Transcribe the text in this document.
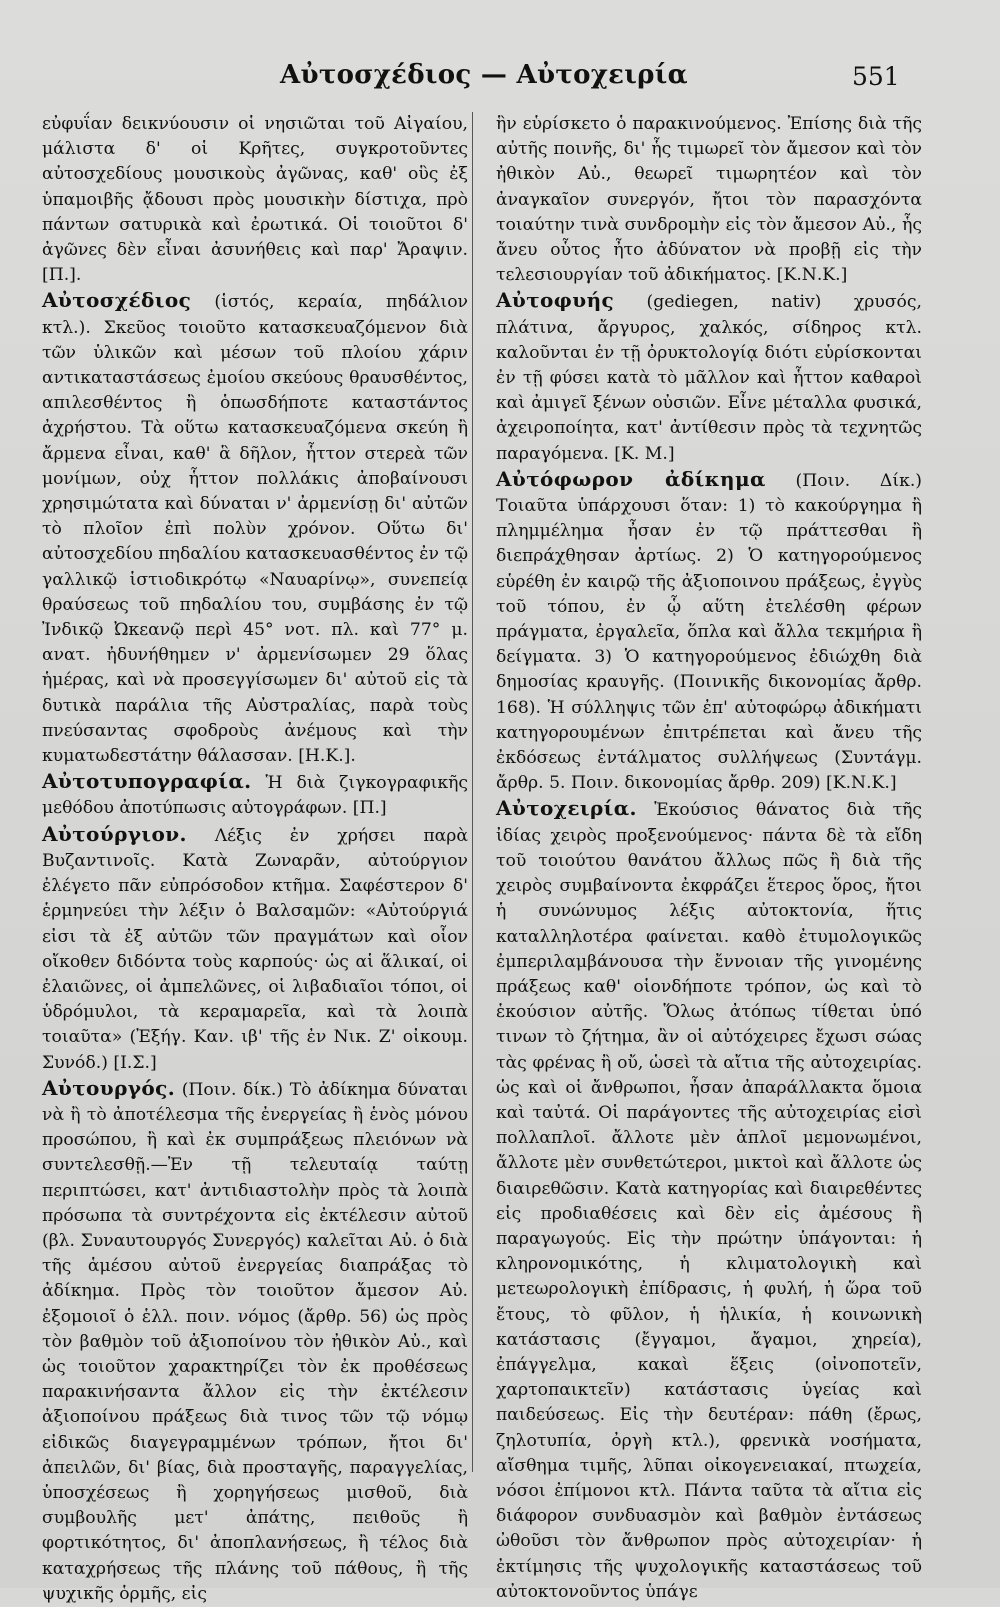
Αὐτοσχέδιος — Αὐτοχειρία	551

εὐφυΐαν δεικνύουσιν οἱ νησιῶται τοῦ Αἰγαίου, μάλιστα δ' οἱ Κρῆτες, συγκροτοῦντες αὐτοσχεδίους μουσικοὺς ἀγῶνας, καθ' οὓς ἐξ ὑπαμοιβῆς ᾄδουσι πρὸς μουσικὴν δίστιχα, πρὸ πάντων σατυρικὰ καὶ ἐρωτικά. Οἱ τοιοῦτοι δ' ἀγῶνες δὲν εἶναι ἀσυνήθεις καὶ παρ' Ἄραψιν. [Π.].

Αὐτοσχέδιος (ἱστός, κεραία, πηδάλιον κτλ.). Σκεῦος τοιοῦτο κατασκευαζόμενον διὰ τῶν ὑλικῶν καὶ μέσων τοῦ πλοίου χάριν αντικαταστάσεως ἐμοίου σκεύους θραυσθέντος, απιλεσθέντος ἢ ὁπωσδήποτε καταστάντος ἀχρήστου. Τὰ οὕτω κατασκευαζόμενα σκεύη ἢ ἄρμενα εἶναι, καθ' ἃ δῆλον, ἧττον στερεὰ τῶν μονίμων, οὐχ ἧττον πολλάκις ἀποβαίνουσι χρησιμώτατα καὶ δύναται ν' ἀρμενίσῃ δι' αὐτῶν τὸ πλοῖον ἐπὶ πολὺν χρόνον. Οὕτω δι' αὐτοσχεδίου πηδαλίου κατασκευασθέντος ἐν τῷ γαλλικῷ ἱστιοδικρότῳ «Ναυαρίνῳ», συνεπείᾳ θραύσεως τοῦ πηδαλίου του, συμβάσης ἐν τῷ Ἰνδικῷ Ὠκεανῷ περὶ 45° νοτ. πλ. καὶ 77° μ. ανατ. ἠδυνήθημεν ν' ἀρμενίσωμεν 29 ὅλας ἡμέρας, καὶ νὰ προσεγγίσωμεν δι' αὐτοῦ εἰς τὰ δυτικὰ παράλια τῆς Αὐστραλίας, παρὰ τοὺς πνεύσαντας σφοδροὺς ἀνέμους καὶ τὴν κυματωδεστάτην θάλασσαν. [Η.Κ.].

Αὐτοτυπογραφία. Ἡ διὰ ζιγκογραφικῆς μεθόδου ἀποτύπωσις αὐτογράφων. [Π.]

Αὐτούργιον. Λέξις ἐν χρήσει παρὰ Βυζαντινοῖς. Κατὰ Ζωναρᾶν, αὐτούργιον ἐλέγετο πᾶν εὐπρόσοδον κτῆμα. Σαφέστερον δ' ἑρμηνεύει τὴν λέξιν ὁ Βαλσαμῶν: «Αὐτούργιά εἰσι τὰ ἐξ αὐτῶν τῶν πραγμάτων καὶ οἷον οἴκοθεν διδόντα τοὺς καρπούς· ὡς αἱ ἅλικαί, οἱ ἐλαιῶνες, οἱ ἀμπελῶνες, οἱ λιβαδιαῖοι τόποι, οἱ ὑδρόμυλοι, τὰ κεραμαρεῖα, καὶ τὰ λοιπὰ τοιαῦτα» (Ἐξήγ. Καν. ιβ' τῆς ἐν Νικ. Ζ' οἰκουμ. Συνόδ.) [Ι.Σ.]

Αὐτουργός. (Ποιν. δίκ.) Τὸ ἀδίκημα δύναται νὰ ἢ τὸ ἀποτέλεσμα τῆς ἐνεργείας ἢ ἑνὸς μόνου προσώπου, ἢ καὶ ἐκ συμπράξεως πλειόνων νὰ συντελεσθῇ.—Ἐν τῇ τελευταίᾳ ταύτῃ περιπτώσει, κατ' ἀντιδιαστολὴν πρὸς τὰ λοιπὰ πρόσωπα τὰ συντρέχοντα εἰς ἐκτέλεσιν αὐτοῦ (βλ. Συναυτουργός Συνεργός) καλεῖται Αὐ. ὁ διὰ τῆς ἁμέσου αὐτοῦ ἐνεργείας διαπράξας τὸ ἀδίκημα. Πρὸς τὸν τοιοῦτον ἄμεσον Αὐ. ἐξομοιοῖ ὁ ἑλλ. ποιν. νόμος (ἄρθρ. 56) ὡς πρὸς τὸν βαθμὸν τοῦ ἀξιοποίνου τὸν ἠθικὸν Αὐ., καὶ ὡς τοιοῦτον χαρακτηρίζει τὸν ἐκ προθέσεως παρακινήσαντα ἄλλον εἰς τὴν ἐκτέλεσιν ἀξιοποίνου πράξεως διὰ τινος τῶν τῷ νόμῳ εἰδικῶς διαγεγραμμένων τρόπων, ἤτοι δι' ἀπειλῶν, δι' βίας, διὰ προσταγῆς, παραγγελίας, ὑποσχέσεως ἢ χορηγήσεως μισθοῦ, διὰ συμβουλῆς μετ' ἀπάτης, πειθοῦς ἢ φορτικότητος, δι' ἀποπλανήσεως, ἢ τέλος διὰ καταχρήσεως τῆς πλάνης τοῦ πάθους, ἢ τῆς ψυχικῆς ὁρμῆς, εἰς

ἣν εὑρίσκετο ὁ παρακινούμενος. Ἐπίσης διὰ τῆς αὐτῆς ποινῆς, δι' ἧς τιμωρεῖ τὸν ἄμεσον καὶ τὸν ἠθικὸν Αὐ., θεωρεῖ τιμωρητέον καὶ τὸν ἀναγκαῖον συνεργόν, ἤτοι τὸν παρασχόντα τοιαύτην τινὰ συνδρομὴν εἰς τὸν ἄμεσον Αὐ., ἧς ἄνευ οὗτος ἦτο ἀδύνατον νὰ προβῇ εἰς τὴν τελεσιουργίαν τοῦ ἀδικήματος. [Κ.Ν.Κ.]

Αὐτοφυής (gediegen, nativ) χρυσός, πλάτινα, ἄργυρος, χαλκός, σίδηρος κτλ. καλοῦνται ἐν τῇ ὀρυκτολογίᾳ διότι εὑρίσκονται ἐν τῇ φύσει κατὰ τὸ μᾶλλον καὶ ἧττον καθαροὶ καὶ ἀμιγεῖ ξένων οὐσιῶν. Εἶνε μέταλλα φυσικά, ἀχειροποίητα, κατ' ἀντίθεσιν πρὸς τὰ τεχνητῶς παραγόμενα. [Κ. Μ.]

Αὐτόφωρον ἀδίκημα (Ποιν. Δίκ.) Τοιαῦτα ὑπάρχουσι ὅταν: 1) τὸ κακούργημα ἢ πλημμέλημα ἦσαν ἐν τῷ πράττεσθαι ἢ διεπράχθησαν ἀρτίως. 2) Ὁ κατηγορούμενος εὑρέθη ἐν καιρῷ τῆς ἀξιοποινου πράξεως, ἐγγὺς τοῦ τόπου, ἐν ᾧ αὕτη ἐτελέσθη φέρων πράγματα, ἐργαλεῖα, ὅπλα καὶ ἄλλα τεκμήρια ἢ δείγματα. 3) Ὁ κατηγορούμενος ἐδιώχθη διὰ δημοσίας κραυγῆς. (Ποινικῆς δικονομίας ἄρθρ. 168). Ἡ σύλληψις τῶν ἐπ' αὐτοφώρῳ ἀδικήματι κατηγορουμένων ἐπιτρέπεται καὶ ἄνευ τῆς ἐκδόσεως ἐντάλματος συλλήψεως (Συντάγμ. ἄρθρ. 5. Ποιν. δικονομίας ἄρθρ. 209) [Κ.Ν.Κ.]

Αὐτοχειρία. Ἑκούσιος θάνατος διὰ τῆς ἰδίας χειρὸς προξενούμενος· πάντα δὲ τὰ εἴδη τοῦ τοιούτου θανάτου ἄλλως πῶς ἢ διὰ τῆς χειρὸς συμβαίνοντα ἐκφράζει ἕτερος ὅρος, ἤτοι ἡ συνώνυμος λέξις αὐτοκτονία, ἥτις καταλληλοτέρα φαίνεται. καθὸ ἐτυμολογικῶς ἐμπεριλαμβάνουσα τὴν ἔννοιαν τῆς γινομένης πράξεως καθ' οἱονδήποτε τρόπον, ὡς καὶ τὸ ἑκούσιον αὐτῆς. Ὅλως ἀτόπως τίθεται ὑπό τινων τὸ ζήτημα, ἂν οἱ αὐτόχειρες ἔχωσι σώας τὰς φρένας ἢ οὔ, ὡσεὶ τὰ αἴτια τῆς αὐτοχειρίας. ὡς καὶ οἱ ἄνθρωποι, ἦσαν ἀπαράλλακτα ὅμοια καὶ ταὐτά. Οἱ παράγοντες τῆς αὐτοχειρίας εἰσὶ πολλαπλοῖ. ἄλλοτε μὲν ἁπλοῖ μεμονωμένοι, ἄλλοτε μὲν συνθετώτεροι, μικτοὶ καὶ ἄλλοτε ὡς διαιρεθῶσιν. Κατὰ κατηγορίας καὶ διαιρεθέντες εἰς προδιαθέσεις καὶ δὲν εἰς ἀμέσους ἢ παραγωγούς. Εἰς τὴν πρώτην ὑπάγονται: ἡ κληρονομικότης, ἡ κλιματολογικὴ καὶ μετεωρολογικὴ ἐπίδρασις, ἡ φυλή, ἡ ὥρα τοῦ ἔτους, τὸ φῦλον, ἡ ἡλικία, ἡ κοινωνικὴ κατάστασις (ἔγγαμοι, ἄγαμοι, χηρεία), ἐπάγγελμα, κακαὶ ἕξεις (οἰνοποτεῖν, χαρτοπαικτεῖν) κατάστασις ὑγείας καὶ παιδεύσεως. Εἰς τὴν δευτέραν: πάθη (ἔρως, ζηλοτυπία, ὀργὴ κτλ.), φρενικὰ νοσήματα, αἴσθημα τιμῆς, λῦπαι οἰκογενειακαί, πτωχεία, νόσοι ἐπίμονοι κτλ. Πάντα ταῦτα τὰ αἴτια εἰς διάφορον συνδυασμὸν καὶ βαθμὸν ἐντάσεως ὠθοῦσι τὸν ἄνθρωπον πρὸς αὐτοχειρίαν· ἡ ἐκτίμησις τῆς ψυχολογικῆς καταστάσεως τοῦ αὐτοκτονοῦντος ὑπάγε
